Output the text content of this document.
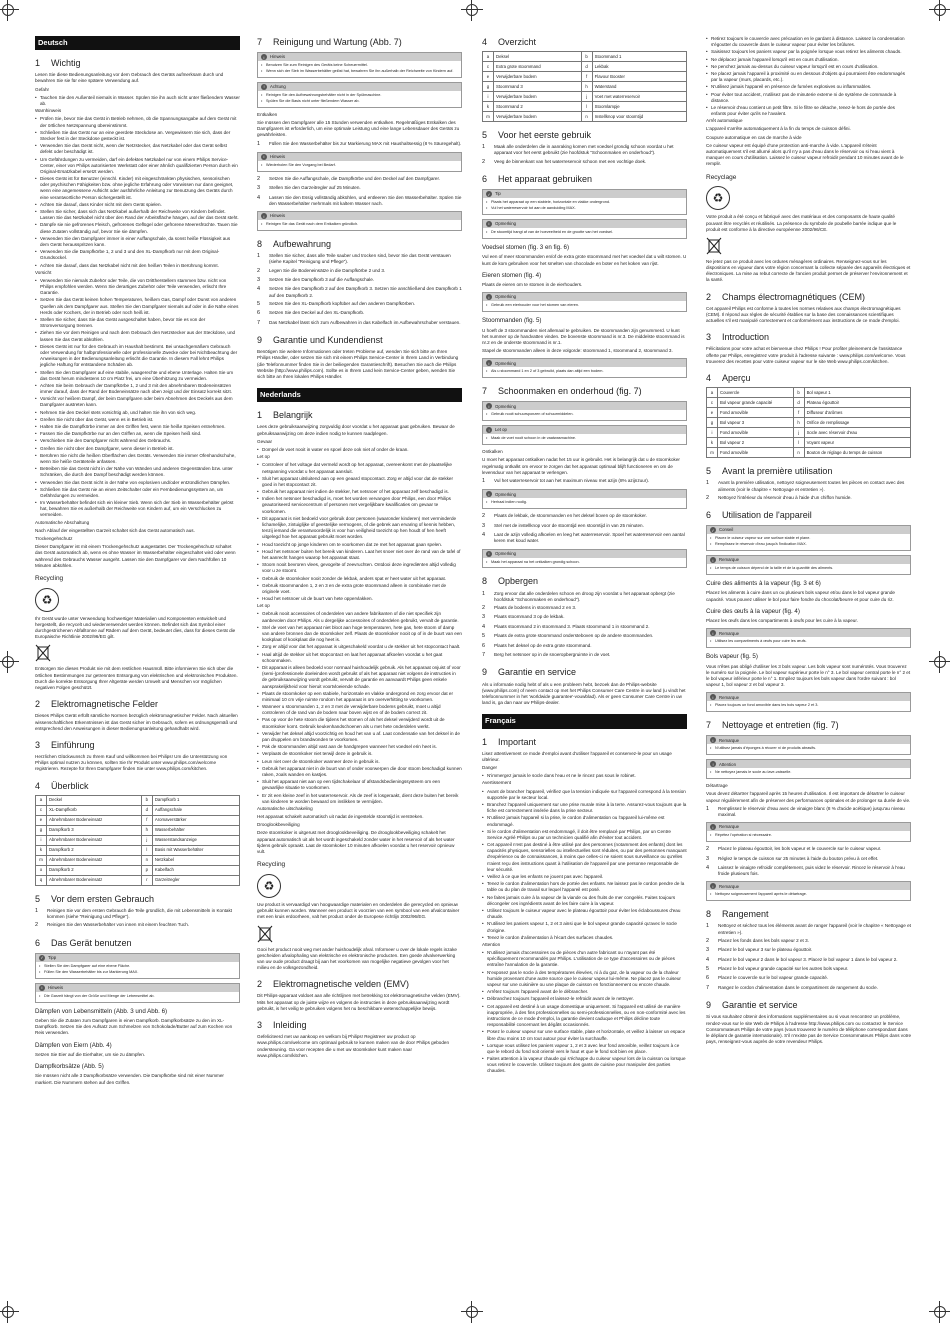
Deutsch
1 Wichtig

Lesen Sie diese Bedienungsanleitung vor dem Gebrauch des Geräts aufmerksam durch und bewahren Sie sie für eine spätere Verwendung auf.

Gefahr

• Tauchen Sie den Außenteil niemals in Wasser. Spülen Sie ihn auch nicht unter fließendem Wasser ab.

Warnhinweis

• Prüfen Sie, bevor Sie das Gerät in Betrieb nehmen, ob die Spannungsangabe auf dem Gerät mit der örtlichen Netzspannung übereinstimmt.
• Schließen Sie das Gerät nur an eine geerdete Steckdose an. Vergewissern Sie sich, dass der Stecker fest in der Steckdose gesteckt ist.
• Verwenden Sie das Gerät nicht, wenn der Netzstecker, das Netzkabel oder das Gerät selbst defekt oder beschädigt ist.
• Um Gefährdungen zu vermeiden, darf ein defektes Netzkabel nur von einem Philips Service-Center, einer von Philips autorisierten Werkstatt oder einer ähnlich qualifizierten Person durch ein Original-Ersatzkabel ersetzt werden.
• Dieses Gerät ist für Benutzer (einschl. Kinder) mit eingeschränkten physischen, sensorischen oder psychischen Fähigkeiten bzw. ohne jegliche Erfahrung oder Vorwissen nur dann geeignet, wenn eine angemessene Aufsicht oder ausführliche Anleitung zur Benutzung des Geräts durch eine verantwortliche Person sichergestellt ist.
• Achten Sie darauf, dass Kinder nicht mit dem Gerät spielen.
• Stellen Sie sicher, dass sich das Netzkabel außerhalb der Reichweite von Kindern befindet. Lassen Sie das Netzkabel nicht über den Rand der Arbeitsfläche hängen, auf der das Gerät steht.
• Dämpfe sie nie gefrorenes Fleisch, gefrorenes Geflügel oder gefrorene Meeresfrüchte. Tauen Sie diese Zutaten vollständig auf, bevor Sie sie dämpfen.
• Verwenden Sie den Dampfgarer immer in einer Auffangschale, da sonst heiße Flüssigkeit aus dem Gerät herausspritzen kann.
• Verwenden Sie die Dampfkörbe 1, 2 und 3 und den XL-Dampfkorb nur mit dem Original-Grundsockel.
• Achten Sie darauf, dass das Netzkabel nicht mit den heißen Teilen in Berührung kommt.

Vorsicht

• Verwenden Sie niemals Zubehör oder Teile, die von Drittherstellern stammen bzw. nicht von Philips empfohlen werden. Wenn Sie derartiges Zubehör oder Teile verwenden, erlischt Ihre Garantie.
• Setzen Sie das Gerät keinen hohen Temperaturen, heißem Gas, Dampf oder Dunst von anderen Quellen als dem Dampfgarer aus. Stellen Sie den Dampfgarer niemals auf oder in die Nähe eines Herds oder Kochers, der in Betrieb oder noch heiß ist.
• Stellen Sie sicher, dass Sie das Gerät ausgeschaltet haben, bevor Sie es von der Stromversorgung trennen.
• Ziehen Sie vor dem Reinigen und nach dem Gebrauch den Netzstecker aus der Steckdose, und lassen Sie das Gerät abkühlen.
• Dieses Gerät ist nur für den Gebrauch im Haushalt bestimmt. Bei unsachgemäßem Gebrauch oder Verwendung für halbprofessionelle oder professionelle Zwecke oder bei Nichtbeachtung der Anweisungen in der Bedienungsanleitung erlischt die Garantie. In diesem Fall lehnt Philips jegliche Haftung für entstandene Schäden ab.
• Stellen Sie den Dampfgarer auf eine stabile, waagerechte und ebene Unterlage. Halten Sie um das Gerät herum mindestens 10 cm Platz frei, um eine Überhitzung zu vermeiden.
• Achten Sie beim Gebrauch der Dampfkörbe 1, 2 und 3 mit den abnehmbaren Bodeneinsätzen immer darauf, dass der Rand der Bodeneinsätze nach oben zeigt und der Einsatz korrekt sitzt.
• Vorsicht vor heißem Dampf, der beim Dampfgaren oder beim Abnehmen des Deckels aus dem Dampfgarer austreten kann.
• Nehmen Sie den Deckel stets vorsichtig ab, und halten Sie ihn von sich weg.
• Greifen Sie nicht über das Gerät, wenn es in Betrieb ist.
• Halten Sie die Dampfkörbe immer an den Griffen fest, wenn Sie heiße Speisen entnehmen.
• Fassen Sie die Dampfkörbe nur an den Griffen an, wenn die Speisen heiß sind.
• Verschieben Sie den Dampfgarer nicht während des Gebrauchs.
• Greifen Sie nicht über den Dampfgarer, wenn dieser in Betrieb ist.
• Berühren Sie nicht die heißen Oberflächen des Geräts. Verwenden Sie immer Ofenhandschuhe, wenn Sie heiße Geräteteile anfassen.
• Betreiben Sie das Gerät nicht in der Nähe von Wänden und anderen Gegenständen bzw. unter Schränken, die durch den Dampf beschädigt werden können.
• Verwenden Sie das Gerät nicht in der Nähe von explosiven und/oder entzündlichen Dämpfen.
• Schließen Sie das Gerät nie an einen Zeitschalter oder ein Fernbedienungssystem an, um Gefährdungen zu vermeiden.
• Im Wasserbehälter befindet sich ein kleiner Sieb. Wenn sich der Sieb im Wasserbehälter gelöst hat, bewahren Sie es außerhalb der Reichweite von Kindern auf, um ein Verschlucken zu vermeiden.

Automatische Abschaltung

Nach Ablauf der eingestellten Garzeit schaltet sich das Gerät automatisch aus.

Trockengehschutz

Dieser Dampfgarer ist mit einem Trockengehschutz ausgestattet. Der Trockengehschutz schaltet das Gerät automatisch ab, wenn es ohne Wasser im Wasserbehälter eingeschaltet wird oder wenn während des Gebrauchs Wasser ausgeht. Lassen Sie den Dampfgarer vor dem Nachfüllen 10 Minuten abkühlen.

Recycling
♻

Ihr Gerät wurde unter Verwendung hochwertiger Materialien und Komponenten entwickelt und hergestellt, die recycelt und wiederverwendet werden können. Befindet sich das Symbol einer durchgestrichenen Abfalltonne auf Rädern auf dem Gerät, bedeutet dies, dass für dieses Gerät die Europäische Richtlinie 2002/96/EG gilt.

Entsorgen Sie dieses Produkt nie mit dem restlichen Hausmüll. Bitte informieren Sie sich über die örtlichen Bestimmungen zur getrennten Entsorgung von elektrischen und elektronischen Produkten. Durch die korrekte Entsorgung Ihrer Altgeräte werden Umwelt und Menschen vor möglichen negativen Folgen geschützt.

2 Elektromagnetische Felder

Dieses Philips Gerät erfüllt sämtliche Normen bezüglich elektromagnetischer Felder. Nach aktuellen wissenschaftlichen Erkenntnissen ist das Gerät sicher im Gebrauch, sofern es ordnungsgemäß und entsprechend den Anweisungen in dieser Bedienungsanleitung gehandhabt wird.

3 Einführung

Herzlichen Glückwunsch zu Ihrem Kauf und willkommen bei Philips! Um die Unterstützung von Philips optimal nutzen zu können, sollten Sie Ihr Produkt unter www.philips.com/welcome registrieren. Rezepte für Ihren Dampfgarer finden Sie unter www.philips.com/kitchen.

4 Überblick
a	Deckel	b	Dampfkorb 1
c	XL-Dampfkorb	d	Auffangschale
e	Abnehmbarer Bodeneinsatz	f	Aromaverstärker
g	Dampfkorb 3	h	Wasserbehälter
i	Abnehmbarer Bodeneinsatz	j	Wasserstandsanzeige
k	Dampfkorb 2	l	Basis mit Wasserbehälter
m	Abnehmbarer Bodeneinsatz	n	Netzkabel
o	Dampfkorb 2	p	Kabelfach
q	Abnehmbarer Bodeneinsatz	r	Garzeitregler
5 Vor dem ersten Gebrauch
1	Reinigen Sie vor dem ersten Gebrauch die Teile gründlich, die mit Lebensmitteln in Kontakt kommen (siehe "Reinigung und Pflege").
2	Reinigen Sie den Wasserbehälter von innen mit einem feuchten Tuch.
6 Das Gerät benutzen
✓	Tipp
• Stellen Sie den Dampfgarer auf eine ebene Fläche.
• Füllen Sie den Wasserbehälter bis zur Markierung MAX.
i	Hinweis
• Die Garzeit hängt von der Größe und Menge der Lebensmittel ab.
Dämpfen von Lebensmitteln (Abb. 3 und Abb. 6)

Geben Sie die Zutaten zum Dampfgaren in einen Dampfkorb. Dampfkorbsätze zu den im XL-Dampfkorb. Setzen Sie den Aufsatz zum Schmelzen von Schokolade/Butter auf zum Kochen von Reis verwenden.

Dämpfen von Eiern (Abb. 4)

Setzen Sie Eier auf die Eierhalter, um sie zu dämpfen.

Dampfkorbsätze (Abb. 5)

Sie müssen nicht alle 3 Dampfkorbsätze verwenden. Die Dampfkörbe sind mit einer Nummer markiert. Die Nummern stehen auf den Griffen.

7 Reinigung und Wartung (Abb. 7)
i	Hinweis
• Benutzen Sie zum Reinigen des Geräts keine Scheuermittel.
• Wenn sich der Sieb im Wasserbehälter gelöst hat, bewahren Sie ihn außerhalb der Reichweite von Kindern auf.
!	Achtung
• Reinigen Sie den Aufbewahrungsbehälter nicht in der Spülmaschine.
• Spülen Sie die Basis nicht unter fließendem Wasser ab.

Entkalken

Sie müssen den Dampfgarer alle 15 Stunden verwenden entkalken. Regelmäßiges Entkalken des Dampfgarers ist erforderlich, um eine optimale Leistung und eine lange Lebensdauer des Geräts zu gewährleisten.

1	Füllen Sie den Wasserbehälter bis zur Markierung MAX mit Haushaltsessig (8 % Säuregehalt).
i	Hinweis
• Wiederholen Sie den Vorgang bei Bedarf.
2	Setzen Sie die Auffangschale, die Dampfkörbe und den Deckel auf den Dampfgarer.
3	Stellen Sie den Garzeitregler auf 25 Minuten.
4	Lassen Sie den Essig vollständig abkühlen, und entleeren Sie den Wasserbehälter. Spülen Sie den Wasserbehälter mehrmals mit kaltem Wasser nach.
i	Hinweis
• Reinigen Sie das Gerät nach dem Entkalken gründlich.
8 Aufbewahrung
1	Stellen Sie sicher, dass alle Teile sauber und trocken sind, bevor Sie das Gerät verstauen (siehe Kapitel "Reinigung und Pflege").
2	Legen Sie die Bodeneinsätze in die Dampfkörbe 2 und 3.
3	Setzen Sie den Dampfkorb 3 auf die Auffangschale.
4	Setzen Sie den Dampfkorb 2 auf den Dampfkorb 3. Setzen Sie anschließend den Dampfkorb 1 auf den Dampfkorb 2.
5	Setzen Sie den XL-Dampfkorb kopfüber auf den anderen Dampfkörben.
6	Setzen Sie den Deckel auf den XL-Dampfkorb.
7	Das Netzkabel lässt sich zum Aufbewahren in das Kabelfach im Aufbewahrschuber verstauen.
9 Garantie und Kundendienst

Benötigen Sie weitere Informationen oder treten Probleme auf, wenden Sie sich bitte an Ihren Philips Händler, oder setzen Sie sich mit einem Philips Service-Center in Ihrem Land in Verbindung (die Telefonnummer finden Sie in der beiliegenden Garantieschrift). Besuchen Sie auch die Philips Website (http://www.philips.com). Sollte es in Ihrem Land kein Service-Center geben, wenden Sie sich bitte an Ihren lokalen Philips Händler.

Nederlands
1 Belangrijk

Lees deze gebruiksaanwijzing zorgvuldig door voordat u het apparaat gaat gebruiken. Bewaar de gebruiksaanwijzing om deze indien nodig te kunnen raadplegen.

Gevaar

• Dompel de voet nooit in water en spoel deze ook niet af onder de kraan.

Let op

• Controleer of het voltage dat vermeld wordt op het apparaat, overeenkomt met de plaatselijke netspanning voordat u het apparaat aansluit.
• Sluit het apparaat uitsluitend aan op een geaard stopcontact. Zorg er altijd voor dat de stekker goed in het stopcontact zit.
• Gebruik het apparaat niet indien de stekker, het netsnoer of het apparaat zelf beschadigd is.
• Indien het netsnoer beschadigd is, moet het worden vervangen door Philips, een door Philips geautoriseerd servicecentrum of personen met vergelijkbare kwalificaties om gevaar te voorkomen.
• Dit apparaat is niet bedoeld voor gebruik door personen (waaronder kinderen) met verminderde lichamelijke, zintuiglijke of geestelijke vermogens, of die gebrek aan ervaring of kennis hebben, tenzij iemand die verantwoordelijk is voor hun veiligheid toezicht op hen houdt of hen heeft uitgelegd hoe het apparaat gebruikt moet worden.
• Houd toezicht op jonge kinderen om te voorkomen dat ze met het apparaat gaan spelen.
• Houd het netsnoer buiten het bereik van kinderen. Laat het snoer niet over de rand van de tafel of het aanrecht hangen waarop het apparaat staat.
• Stoom nooit bevroren vlees, gevogelte of zeevruchten. Ontdooi deze ingrediënten altijd volledig voor u ze stoomt.
• Gebruik de stoomkoker nooit zonder de lekbak, anders spat er heet water uit het apparaat.
• Gebruik stoommanden 1, 2 en 3 en de extra grote stoommand alleen in combinatie met de originele voet.
• Houd het netsnoer uit de buurt van hete oppervlakken.

Let op

• Gebruik nooit accessoires of onderdelen van andere fabrikanten of die niet specifiek zijn aanbevolen door Philips. Als u dergelijke accessoires of onderdelen gebruikt, vervalt de garantie.
• Stel de voet van het apparaat niet bloot aan hoge temperaturen, hete gas, hete stoom of damp van andere bronnen dan de stoomkoker zelf. Plaats de stoomkoker nooit op of in de buurt van een kookplaat of kookplaat die nog heet is.
• Zorg er altijd voor dat het apparaat is uitgeschakeld voordat u de stekker uit het stopcontact haalt.
• Haal altijd de stekker uit het stopcontact en laat het apparaat afkoelen voordat u het gaat schoonmaken.
• Dit apparaat is alleen bedoeld voor normaal huishoudelijk gebruik. Als het apparaat onjuist of voor (semi-)professionele doeleinden wordt gebruikt of als het apparaat niet volgens de instructies in de gebruiksaanwijzing wordt gebruikt, vervalt de garantie en aanvaardt Philips geen enkele aansprakelijkheid voor hieruit voortvloeiende schade.
• Plaats de stoomkoker op een stabiele, horizontale en vlakke ondergrond en zorg ervoor dat er minimaal 10 cm vrije ruimte rondom het apparaat is om oververhitting te voorkomen.
• Wanneer u stoommanden 1, 2 en 3 met de verwijderbare bodems gebruikt, moet u altijd controleren of de rand van de bodem naar boven wijst en of de bodem correct zit.
• Pas op voor de hete stoom die tijdens het stomen of als het deksel verwijderd wordt uit de stoomkoker komt. Gebruik keukenhandschoenen als u met hete onderdelen werkt.
• Verwijder het deksel altijd voorzichtig en houd het van u af. Laat condensatie van het deksel in de pan druppelen om brandwonden te voorkomen.
• Pak de stoommanden altijd vast aan de handgrepen wanneer het voedsel erin heet is.
• Verplaats de stoomkoker niet terwijl deze in gebruik is.
• Leun niet over de stoomkoker wanneer deze in gebruik is.
• Gebruik het apparaat niet in de buurt van of onder voorwerpen die door stoom beschadigd kunnen raken, zoals wanden en kastjes.
• Sluit het apparaat niet aan op een tijdschakelaar of afstandsbedieningssysteem om een gevaarlijke situatie te voorkomen.
• Er zit een kleine zeef in het waterreservoir. Als de zeef is losgeraakt, dient deze buiten het bereik van kinderen te worden bewaard om inslikken te vermijden.

Automatische uitschakeling

Het apparaat schakelt automatisch uit nadat de ingestelde stoomtijd is verstreken.

Drooglookbeveiliging

Deze stoomkoker is uitgerust met drooglookbeveiliging. De drooglookbeveiliging schakelt het apparaat automatisch uit als het wordt ingeschakeld zonder water in het reservoir of als het water tijdens gebruik opraakt. Laat de stoomkoker 10 minuten afkoelen voordat u het reservoir opnieuw vult.

Recycling
♻

Uw product is vervaardigd van hoogwaardige materialen en onderdelen die gerecycled en opnieuw gebruikt kunnen worden. Wanneer een product is voorzien van een symbool van een afvalcontainer met een kruis erdoorheen, valt het product onder de Europese richtlijn 2002/96/EG.

Gooi het product nooit weg met ander huishoudelijk afval. Informeer u over de lokale regels inzake gescheiden afvalophaling van elektrische en elektronische producten. Een goede afvalverwerking van uw oude product draagt bij aan het voorkomen van mogelijke negatieve gevolgen voor het milieu en de volksgezondheid.

2 Elektromagnetische velden (EMV)

Dit Philips-apparaat voldoet aan alle richtlijnen met betrekking tot elektromagnetische velden (EMV). Mits het apparaat op de juiste wijze en volgens de instructies in deze gebruiksaanwijzing wordt gebruikt, is het veilig te gebruiken volgens het nu beschikbare wetenschappelijke bewijs.

3 Inleiding

Gefeliciteerd met uw aankoop en welkom bij Philips! Registreer uw product op www.philips.com/welcome om optimaal gebruik te kunnen maken van de door Philips geboden ondersteuning. Ga voor recepten die u met uw stoomkoker kunt maken naar www.philips.com/kitchen.

4 Overzicht
a	Deksel	b	Stoommand 1
c	Extra grote stoommand	d	Lekbak
e	Verwijderbare bodem	f	Flavour Booster
g	Stoommand 3	h	Waterstand
i	Verwijderbare bodem	j	Voet met waterreservoir
k	Stoommand 2	l	Stoomlampje
m	Verwijderbare bodem	n	Instellknop voor stoomtijd
5 Voor het eerste gebruik
1	Maak alle onderdelen die in aanraking komen met voedsel grondig schoon voordat u het apparaat voor het eerst gebruikt (zie hoofdstuk "Schoonmaken en onderhoud").
2	Veeg de binnenkant van het waterreservoir schoon met een vochtige doek.
6 Het apparaat gebruiken
✓	Tip
• Plaats het apparaat op een stabiele, horizontale en vlakke ondergrond.
• Vul het waterreservoir tot aan de aanduiding MAX.
i	Opmerking
• De stoomtijd hangt af van de hoeveelheid en de grootte van het voedsel.
Voedsel stomen (fig. 3 en fig. 6)

Vul een of meer stoommanden en/of de extra grote stoommand met het voedsel dat u wilt stomen. U kunt de kom gebruiken voor het smelten van chocolade en boter en het koken van rijst.

Eieren stomen (fig. 4)

Plaats de eieren om te stomen in de eierhouders.

i	Opmerking
• Gebruik een eierhouder voor het stomen van eieren.
Stoommanden (fig. 5)

U hoeft de 3 stoommanden niet allemaal te gebruiken. De stoommanden zijn genummerd. U kunt het nummer op de handvatten vinden. De bovenste stoommand is nr.3. De middelste stoommand is nr.2 en de onderste stoommand is nr.1.

Stapel de stoommanden alleen in deze volgorde: stoommand 1, stoommand 2, stoommand 3.

i	Opmerking
• Als u stoommand 1 en 2 of 3 gebruikt, plaats dan altijd een bodem.
7 Schoonmaken en onderhoud (fig. 7)
i	Opmerking
• Gebruik nooit schuursponzen of schuurmiddelen.
!	Let op
• Maak de voet nooit schoon in de vaatwasmachine.

Ontkalken

U moet het apparaat ontkalken nadat het 15 uur is gebruikt. Het is belangrijk dat u de stoomkoker regelmatig ontkalkt om ervoor te zorgen dat het apparaat optimaal blijft functioneren en om de levensduur van het apparaat te verlengen.

1	Vul het waterreservoir tot aan het maximum niveau met azijn (8% azijnzuur).
i	Opmerking
• Herhaal indien nodig.
2	Plaats de lekbak, de stoommanden en het deksel boven op de stoomkoker.
3	Stel met de instellknop voor de stoomtijd een stoomtijd in van 25 minuten.
4	Laat de azijn volledig afkoelen en leeg het waterreservoir. Spoel het waterreservoir een aantal keren met koud water.
i	Opmerking
• Maak het apparaat na het ontkalken grondig schoon.
8 Opbergen
1	Zorg ervoor dat alle onderdelen schoon en droog zijn voordat u het apparaat opbergt (zie hoofdstuk "Schoonmaken en onderhoud").
2	Plaats de bodems in stoommand 2 en 3.
3	Plaats stoommand 3 op de lekbak.
4	Plaats stoommand 2 in stoommand 3. Plaats stoommand 1 in stoommand 2.
5	Plaats de extra grote stoommand ondersteboven op de andere stoommanden.
6	Plaats het deksel op de extra grote stoommand.
7	Berg het netsnoer op in de snoeropbergruimte in de voet.
9 Garantie en service

Als u informatie nodig hebt of als u een probleem hebt, bezoek dan de Philips-website (www.philips.com) of neem contact op met het Philips Consumer Care Centre in uw land (u vindt het telefoonnummer in het 'worldwide guarantee'-vouwblad). Als er geen Consumer Care Centre in uw land is, ga dan naar uw Philips-dealer.

Français
1 Important

Lisez attentivement ce mode d'emploi avant d'utiliser l'appareil et conservez-le pour un usage ultérieur.

Danger

• N'immergez jamais le socle dans l'eau et ne le rincez pas sous le robinet.

Avertissement

• Avant de brancher l'appareil, vérifiez que la tension indiquée sur l'appareil correspond à la tension supportée par le secteur local.
• Branchez l'appareil uniquement sur une prise murale mise à la terre. Assurez-vous toujours que la fiche est correctement insérée dans la prise secteur.
• N'utilisez jamais l'appareil si la prise, le cordon d'alimentation ou l'appareil lui-même est endommagé.
• Si le cordon d'alimentation est endommagé, il doit être remplacé par Philips, par un Centre Service Agréé Philips ou par un technicien qualifié afin d'éviter tout accident.
• Cet appareil n'est pas destiné à être utilisé par des personnes (notamment des enfants) dont les capacités physiques, sensorielles ou intellectuelles sont réduites, ou par des personnes manquant d'expérience ou de connaissances, à moins que celles-ci ne soient sous surveillance ou qu'elles n'aient reçu des instructions quant à l'utilisation de l'appareil par une personne responsable de leur sécurité.
• Veillez à ce que les enfants ne jouent pas avec l'appareil.
• Tenez le cordon d'alimentation hors de portée des enfants. Ne laissez pas le cordon pendre de la table ou du plan de travail sur lequel l'appareil est posé.
• Ne faites jamais cuire à la vapeur de la viande ou des fruits de mer congelés. Faites toujours décongeler ces ingrédients avant de les faire cuire à la vapeur.
• Utilisez toujours le cuiseur vapeur avec le plateau égouttoir pour éviter les éclaboussures d'eau chaude.
• N'utilisez les paniers vapeur 1, 2 et 3 ainsi que le bol vapeur grande capacité qu'avec le socle d'origine.
• Tenez le cordon d'alimentation à l'écart des surfaces chaudes.

Attention

• N'utilisez jamais d'accessoires ou de pièces d'un autre fabricant ou n'ayant pas été spécifiquement recommandés par Philips. L'utilisation de ce type d'accessoires ou de pièces entraîne l'annulation de la garantie.
• N'exposez pas le socle à des températures élevées, ni à du gaz, de la vapeur ou de la chaleur humide provenant d'une autre source que le cuiseur vapeur lui-même. Ne placez pas le cuiseur vapeur sur une cuisinière ou une plaque de cuisson en fonctionnement ou encore chaude.
• Arrêtez toujours l'appareil avant de le débrancher.
• Débranchez toujours l'appareil et laissez-le refroidir avant de le nettoyer.
• Cet appareil est destiné à un usage domestique uniquement. Si l'appareil est utilisé de manière inappropriée, à des fins professionnelles ou semi-professionnelles, ou en non-conformité avec les instructions de ce mode d'emploi, la garantie devient caduque et Philips décline toute responsabilité concernant les dégâts occasionnés.
• Posez le cuiseur vapeur sur une surface stable, plate et horizontale, et veillez à laisser un espace libre d'au moins 10 cm tout autour pour éviter la surchauffe.
• Lorsque vous utilisez les paniers vapeur 1, 2 et 3 avec leur fond amovible, veillez toujours à ce que le rebord du fond soit orienté vers le haut et que le fond soit bien en place.
• Faites attention à la vapeur chaude qui s'échappe du cuiseur vapeur lors de la cuisson ou lorsque vous retirez le couvercle. Utilisez toujours des gants de cuisine pour manipuler des parties chaudes.
• Retirez toujours le couvercle avec précaution en le gardant à distance. Laissez la condensation s'égoutter du couvercle dans le cuiseur vapeur pour éviter les brûlures.
• Saisissez toujours les paniers vapeur par la poignée lorsque vous retirez les aliments chauds.
• Ne déplacez jamais l'appareil lorsqu'il est en cours d'utilisation.
• Ne penchez jamais au-dessus du cuiseur vapeur lorsqu'il est en cours d'utilisation.
• Ne placez jamais l'appareil à proximité ou en dessous d'objets qui pourraient être endommagés par la vapeur (murs, placards, etc.).
• N'utilisez jamais l'appareil en présence de fumées explosives ou inflammables.
• Pour éviter tout accident, n'utilisez pas de minuterie externe ni de système de commande à distance.
• Le réservoir d'eau contient un petit filtre. Si le filtre se détache, tenez-le hors de portée des enfants pour éviter qu'ils ne l'avalent.

Arrêt automatique

L'appareil s'arrête automatiquement à la fin du temps de cuisson défini.

Coupure automatique en cas de marche à vide

Ce cuiseur vapeur est équipé d'une protection anti-marche à vide. L'appareil s'éteint automatiquement s'il est allumé alors qu'il n'y a pas d'eau dans le réservoir ou si l'eau vient à manquer en cours d'utilisation. Laissez le cuiseur vapeur refroidir pendant 10 minutes avant de le remplir.

Recyclage
♻

Votre produit a été conçu et fabriqué avec des matériaux et des composants de haute qualité pouvant être recyclés et réutilisés. La présence du symbole de poubelle barrée indique que le produit est conforme à la directive européenne 2002/96/CE.

Ne jetez pas ce produit avec les ordures ménagères ordinaires. Renseignez-vous sur les dispositions en vigueur dans votre région concernant la collecte séparée des appareils électriques et électroniques. La mise au rebut correcte de l'ancien produit permet de préserver l'environnement et la santé.

2 Champs électromagnétiques (CEM)

Cet appareil Philips est conforme à toutes les normes relatives aux champs électromagnétiques (CEM). Il répond aux règles de sécurité établies sur la base des connaissances scientifiques actuelles s'il est manipulé correctement et conformément aux instructions de ce mode d'emploi.

3 Introduction

Félicitations pour votre achat et bienvenue chez Philips ! Pour profiter pleinement de l'assistance offerte par Philips, enregistrez votre produit à l'adresse suivante : www.philips.com/welcome. Vous trouverez des recettes pour votre cuiseur vapeur sur le site Web www.philips.com/kitchen.

4 Aperçu
a	Couvercle	b	Bol vapeur 1
c	Bol vapeur grande capacité	d	Plateau égouttoir
e	Fond amovible	f	Diffuseur d'arômes
g	Bol vapeur 3	h	Orifice de remplissage
i	Fond amovible	j	Socle avec réservoir d'eau
k	Bol vapeur 2	l	Voyant vapeur
m	Fond amovible	n	Bouton de réglage du temps de cuisson
5 Avant la première utilisation
1	Avant la première utilisation, nettoyez soigneusement toutes les pièces en contact avec des aliments (voir le chapitre « Nettoyage et entretien »).
2	Nettoyez l'intérieur du réservoir d'eau à l'aide d'un chiffon humide.
6 Utilisation de l'appareil
✓	Conseil
• Placez le cuiseur vapeur sur une surface stable et plane.
• Remplissez le réservoir d'eau jusqu'à l'indication MAX.
i	Remarque
• Le temps de cuisson dépend de la taille et de la quantité des aliments.
Cuire des aliments à la vapeur (fig. 3 et 6)

Placez les aliments à cuire dans un ou plusieurs bols vapeur et/ou dans le bol vapeur grande capacité. Vous pouvez utiliser le bol pour faire fondre du chocolat/beurre et pour cuire du riz.

Cuire des œufs à la vapeur (fig. 4)

Placez les œufs dans les compartiments à œufs pour les cuire à la vapeur.

i	Remarque
• Utilisez les compartiments à œufs pour cuire les œufs.
Bols vapeur (fig. 5)

Vous n'êtes pas obligé d'utiliser les 3 bols vapeur. Les bols vapeur sont numérotés. Vous trouverez le numéro sur la poignée. Le bol vapeur supérieur porte le n° 3. Le bol vapeur central porte le n° 2 et le bol vapeur inférieur porte le n° 1. Empilez toujours les bols vapeur dans l'ordre suivant : bol vapeur 1, bol vapeur 2 et bol vapeur 3.

i	Remarque
• Placez toujours un fond amovible dans les bols vapeur 2 et 3.
7 Nettoyage et entretien (fig. 7)
i	Remarque
• N'utilisez jamais d'éponges à récurer ni de produits abrasifs.
!	Attention
• Ne nettoyez jamais le socle au lave-vaisselle.

Détartrage

Vous devez détartrer l'appareil après 15 heures d'utilisation. Il est important de détartrer le cuiseur vapeur régulièrement afin de préserver des performances optimales et de prolonger sa durée de vie.

1	Remplissez le réservoir d'eau avec de vinaigre blanc (8 % d'acide acétique) jusqu'au niveau maximal.
i	Remarque
• Répétez l'opération si nécessaire.
2	Placez le plateau égouttoir, les bols vapeur et le couvercle sur le cuiseur vapeur.
3	Réglez le temps de cuisson sur 25 minutes à l'aide du bouton prévu à cet effet.
4	Laissez le vinaigre refroidir complètement, puis videz le réservoir. Rincez le réservoir à l'eau froide plusieurs fois.
i	Remarque
• Nettoyez soigneusement l'appareil après le détartrage.
8 Rangement
1	Nettoyez et séchez tous les éléments avant de ranger l'appareil (voir le chapitre « Nettoyage et entretien »).
2	Placez les fonds dans les bols vapeur 2 et 3.
3	Placez le bol vapeur 3 sur le plateau égouttoir.
4	Placez le bol vapeur 2 dans le bol vapeur 3. Placez le bol vapeur 1 dans le bol vapeur 2.
5	Placez le bol vapeur grande capacité sur les autres bols vapeur.
6	Placez le couvercle sur le bol vapeur grande capacité.
7	Rangez le cordon d'alimentation dans le compartiment de rangement du socle.
9 Garantie et service

Si vous souhaitez obtenir des informations supplémentaires ou si vous rencontrez un problème, rendez-vous sur le site Web de Philips à l'adresse http://www.philips.com ou contactez le Service Consommateurs Philips de votre pays (vous trouverez le numéro de téléphone correspondant dans le dépliant de garantie internationale). S'il n'existe pas de Service Consommateurs Philips dans votre pays, renseignez-vous auprès de votre revendeur Philips.
